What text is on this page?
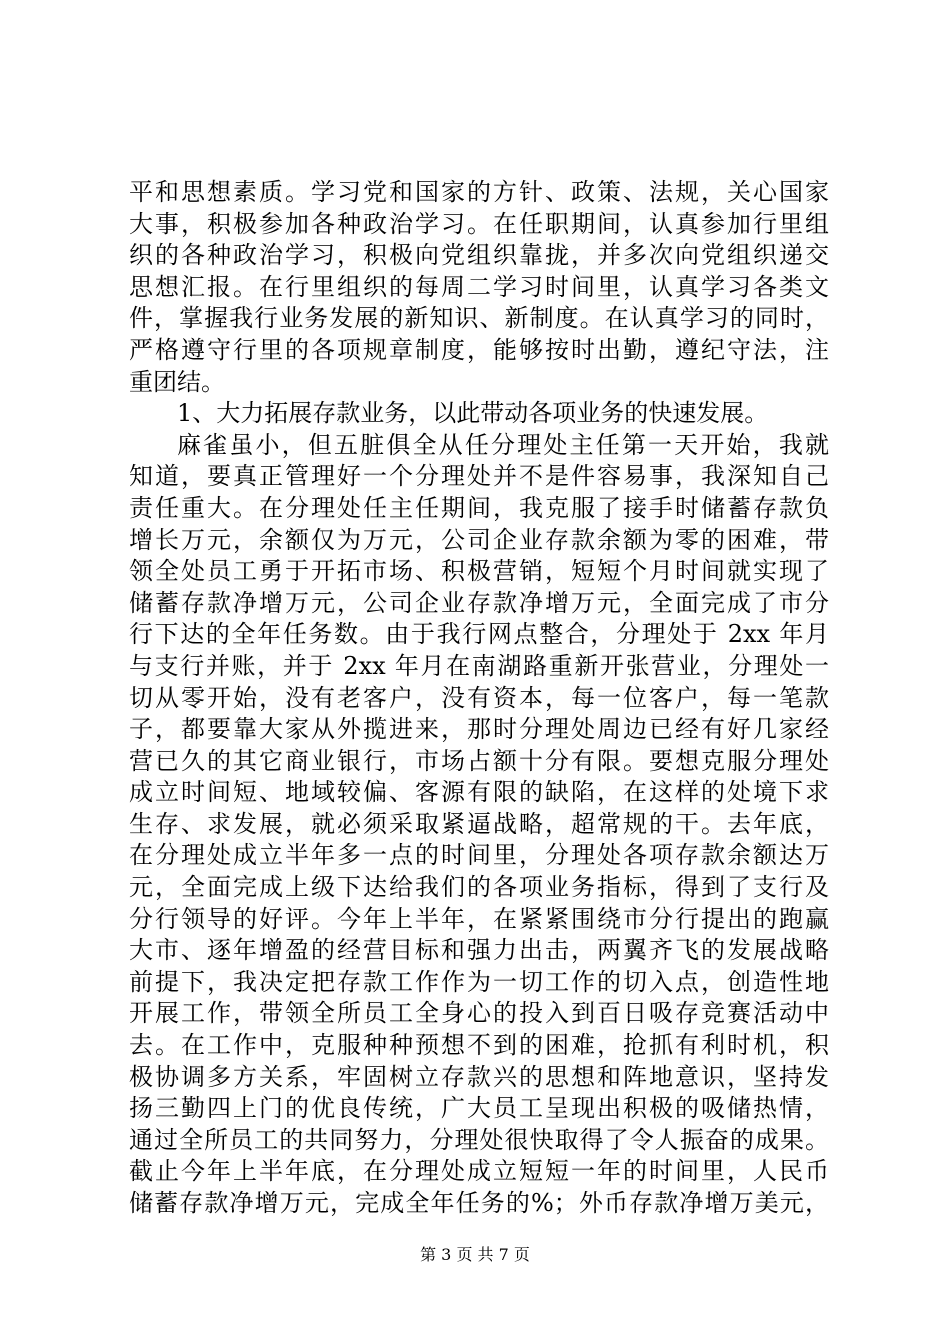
平和思想素质。学习党和国家的方针、政策、法规，关心国家
大事，积极参加各种政治学习。在任职期间，认真参加行里组
织的各种政治学习，积极向党组织靠拢，并多次向党组织递交
思想汇报。在行里组织的每周二学习时间里，认真学习各类文
件，掌握我行业务发展的新知识、新制度。在认真学习的同时，
严格遵守行里的各项规章制度，能够按时出勤，遵纪守法，注
重团结。
1、大力拓展存款业务，以此带动各项业务的快速发展。
麻雀虽小，但五脏俱全从任分理处主任第一天开始，我就
知道，要真正管理好一个分理处并不是件容易事，我深知自己
责任重大。在分理处任主任期间，我克服了接手时储蓄存款负
增长万元，余额仅为万元，公司企业存款余额为零的困难，带
领全处员工勇于开拓市场、积极营销，短短个月时间就实现了
储蓄存款净增万元，公司企业存款净增万元，全面完成了市分
行下达的全年任务数。由于我行网点整合，分理处于 2xx 年月
与支行并账，并于 2xx 年月在南湖路重新开张营业，分理处一
切从零开始，没有老客户，没有资本，每一位客户，每一笔款
子，都要靠大家从外揽进来，那时分理处周边已经有好几家经
营已久的其它商业银行，市场占额十分有限。要想克服分理处
成立时间短、地域较偏、客源有限的缺陷，在这样的处境下求
生存、求发展，就必须采取紧逼战略，超常规的干。去年底，
在分理处成立半年多一点的时间里，分理处各项存款余额达万
元，全面完成上级下达给我们的各项业务指标，得到了支行及
分行领导的好评。今年上半年，在紧紧围绕市分行提出的跑赢
大市、逐年增盈的经营目标和强力出击，两翼齐飞的发展战略
前提下，我决定把存款工作作为一切工作的切入点，创造性地
开展工作，带领全所员工全身心的投入到百日吸存竞赛活动中
去。在工作中，克服种种预想不到的困难，抢抓有利时机，积
极协调多方关系，牢固树立存款兴的思想和阵地意识，坚持发
扬三勤四上门的优良传统，广大员工呈现出积极的吸储热情，
通过全所员工的共同努力，分理处很快取得了令人振奋的成果。
截止今年上半年底，在分理处成立短短一年的时间里，人民币
储蓄存款净增万元，完成全年任务的%；外币存款净增万美元，
第 3 页 共 7 页
